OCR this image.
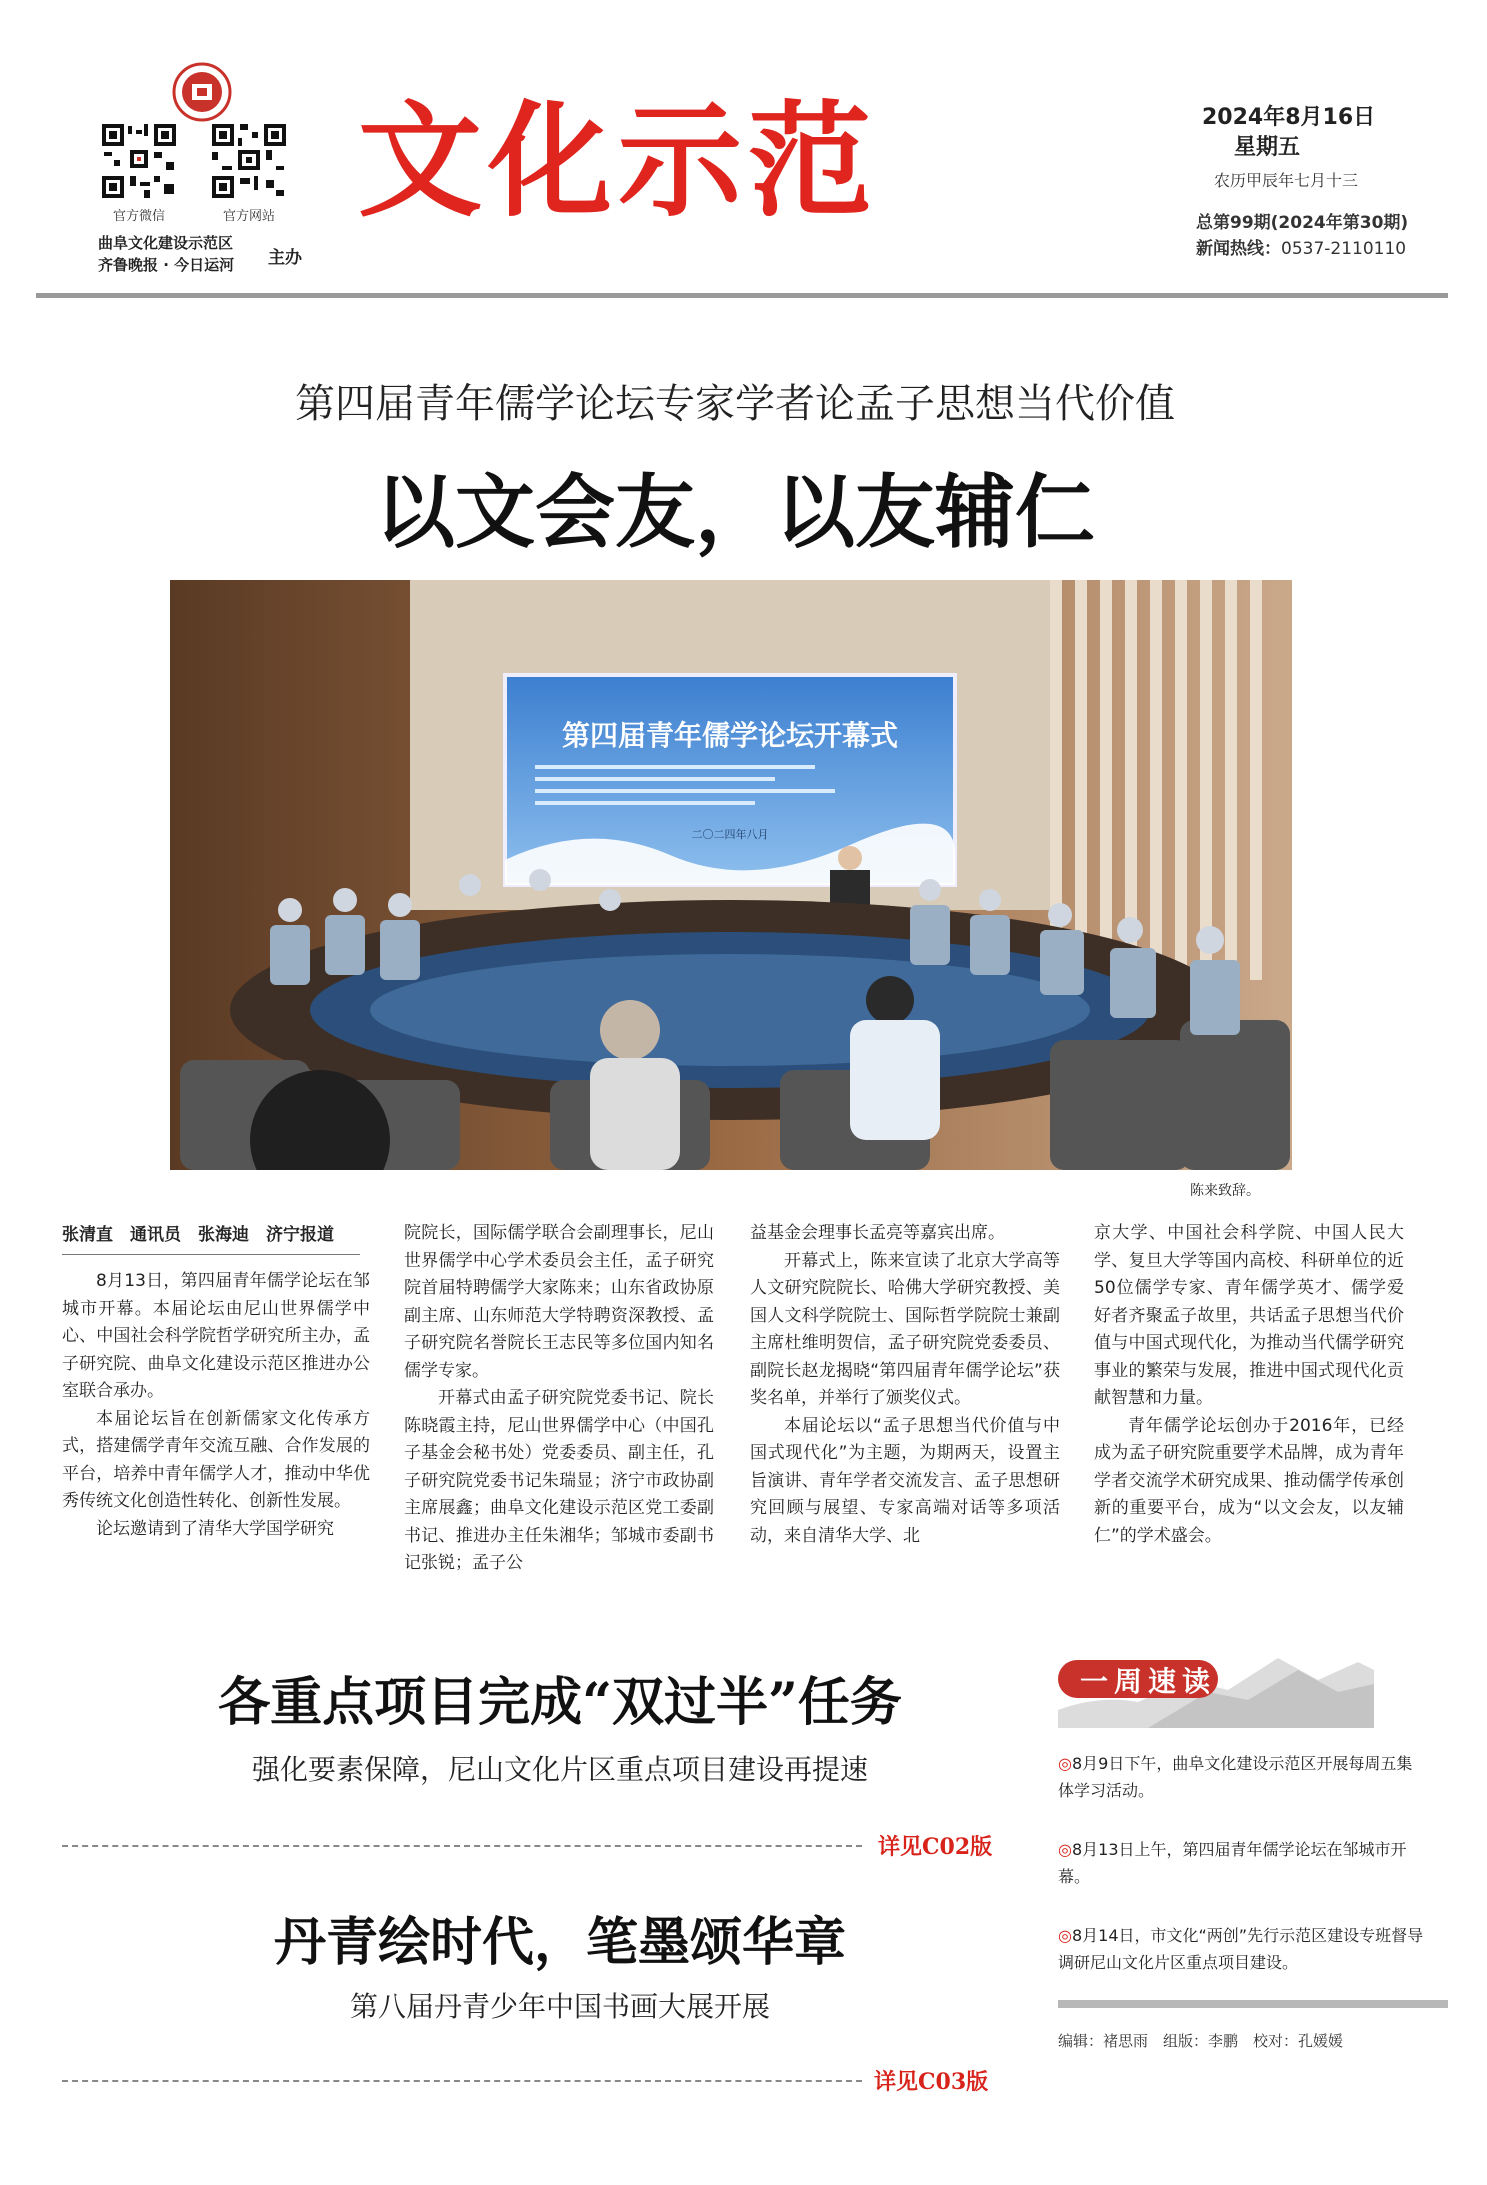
官方微信	官方网站
曲阜文化建设示范区
齐鲁晚报 · 今日运河 主办
文化示范	2024年8月16日
星期五
农历甲辰年七月十三
总第99期(2024年第30期)
新闻热线：0537-2110110
第四届青年儒学论坛专家学者论孟子思想当代价值
以文会友，以友辅仁
第四届青年儒学论坛开幕式
二〇二四年八月
陈来致辞。
张清直　通讯员　张海迪　济宁报道

8月13日，第四届青年儒学论坛在邹城市开幕。本届论坛由尼山世界儒学中心、中国社会科学院哲学研究所主办，孟子研究院、曲阜文化建设示范区推进办公室联合承办。

本届论坛旨在创新儒家文化传承方式，搭建儒学青年交流互融、合作发展的平台，培养中青年儒学人才，推动中华优秀传统文化创造性转化、创新性发展。

论坛邀请到了清华大学国学研究

院院长，国际儒学联合会副理事长，尼山世界儒学中心学术委员会主任，孟子研究院首届特聘儒学大家陈来；山东省政协原副主席、山东师范大学特聘资深教授、孟子研究院名誉院长王志民等多位国内知名儒学专家。

开幕式由孟子研究院党委书记、院长陈晓霞主持，尼山世界儒学中心（中国孔子基金会秘书处）党委委员、副主任，孔子研究院党委书记朱瑞显；济宁市政协副主席展鑫；曲阜文化建设示范区党工委副书记、推进办主任朱湘华；邹城市委副书记张锐；孟子公

益基金会理事长孟亮等嘉宾出席。

开幕式上，陈来宣读了北京大学高等人文研究院院长、哈佛大学研究教授、美国人文科学院院士、国际哲学院院士兼副主席杜维明贺信，孟子研究院党委委员、副院长赵龙揭晓“第四届青年儒学论坛”获奖名单，并举行了颁奖仪式。

本届论坛以“孟子思想当代价值与中国式现代化”为主题，为期两天，设置主旨演讲、青年学者交流发言、孟子思想研究回顾与展望、专家高端对话等多项活动，来自清华大学、北

京大学、中国社会科学院、中国人民大学、复旦大学等国内高校、科研单位的近50位儒学专家、青年儒学英才、儒学爱好者齐聚孟子故里，共话孟子思想当代价值与中国式现代化，为推动当代儒学研究事业的繁荣与发展，推进中国式现代化贡献智慧和力量。

青年儒学论坛创办于2016年，已经成为孟子研究院重要学术品牌，成为青年学者交流学术研究成果、推动儒学传承创新的重要平台，成为“以文会友，以友辅仁”的学术盛会。

各重点项目完成“双过半”任务
强化要素保障，尼山文化片区重点项目建设再提速
详见C02版
丹青绘时代，笔墨颂华章
第八届丹青少年中国书画大展开展
详见C03版
一周速读
◎8月9日下午，曲阜文化建设示范区开展每周五集体学习活动。
◎8月13日上午，第四届青年儒学论坛在邹城市开幕。
◎8月14日，市文化“两创”先行示范区建设专班督导调研尼山文化片区重点项目建设。
编辑：褚思雨　组版：李鹏　校对：孔媛媛
